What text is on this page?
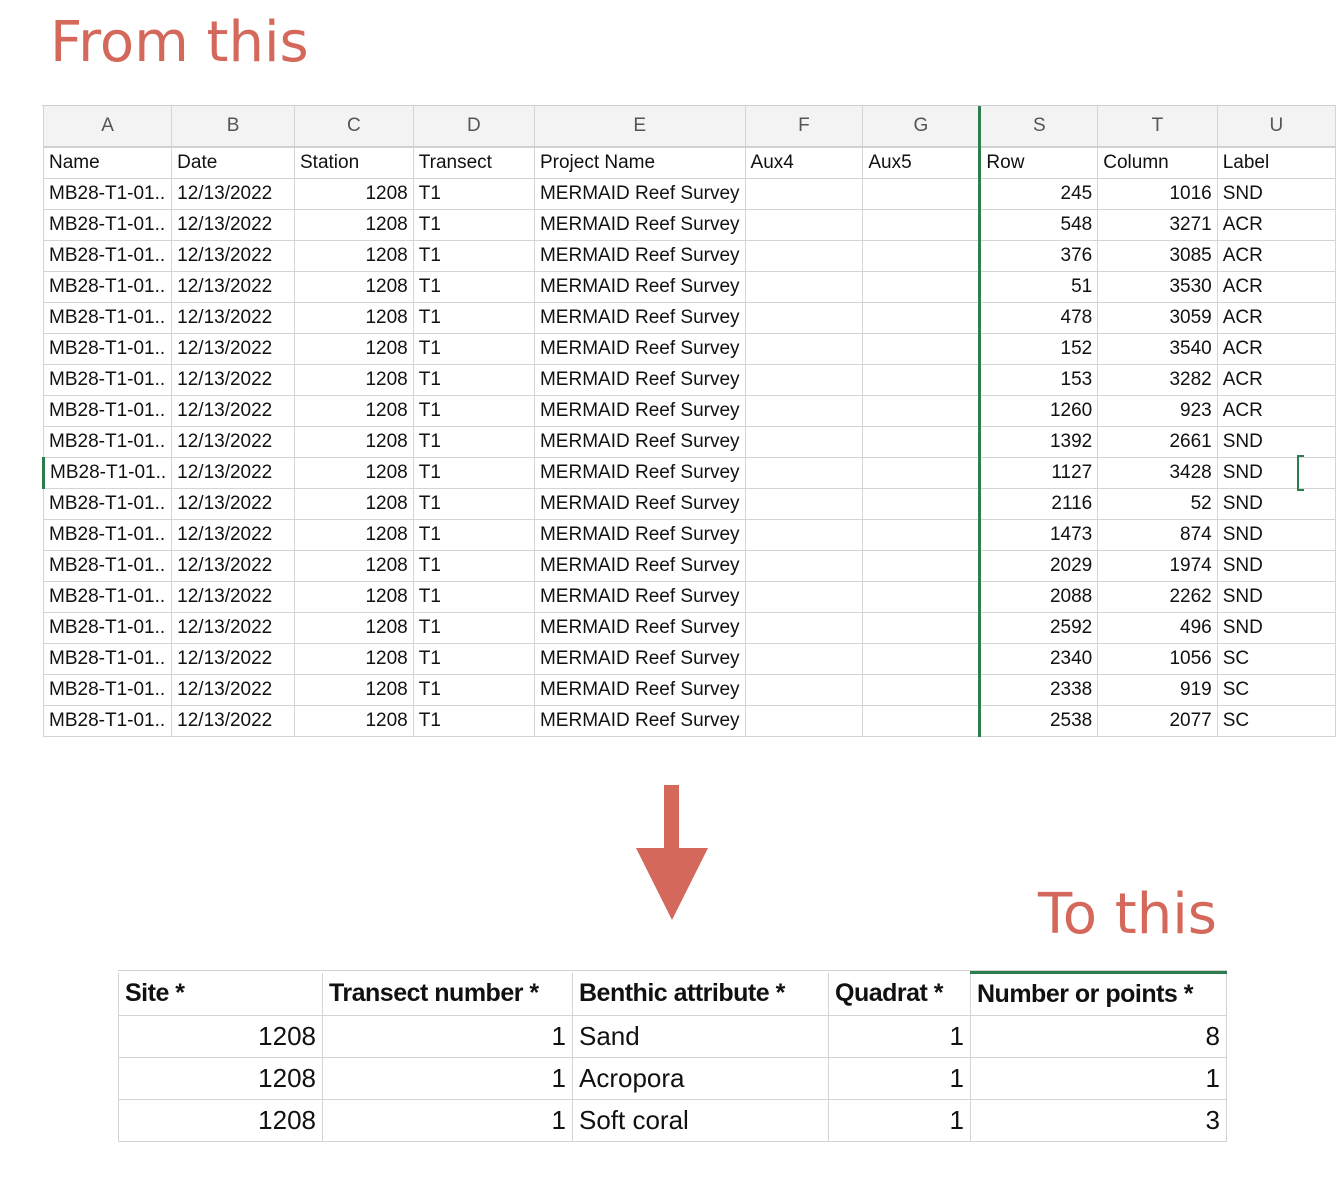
From this
A	B	C	D	E	F	G	S	T	U
Name	Date	Station	Transect	Project Name	Aux4	Aux5	Row	Column	Label
MB28-T1-01..	12/13/2022	1208	T1	MERMAID Reef Survey			245	1016	SND
MB28-T1-01..	12/13/2022	1208	T1	MERMAID Reef Survey			548	3271	ACR
MB28-T1-01..	12/13/2022	1208	T1	MERMAID Reef Survey			376	3085	ACR
MB28-T1-01..	12/13/2022	1208	T1	MERMAID Reef Survey			51	3530	ACR
MB28-T1-01..	12/13/2022	1208	T1	MERMAID Reef Survey			478	3059	ACR
MB28-T1-01..	12/13/2022	1208	T1	MERMAID Reef Survey			152	3540	ACR
MB28-T1-01..	12/13/2022	1208	T1	MERMAID Reef Survey			153	3282	ACR
MB28-T1-01..	12/13/2022	1208	T1	MERMAID Reef Survey			1260	923	ACR
MB28-T1-01..	12/13/2022	1208	T1	MERMAID Reef Survey			1392	2661	SND
MB28-T1-01..	12/13/2022	1208	T1	MERMAID Reef Survey			1127	3428	SND
MB28-T1-01..	12/13/2022	1208	T1	MERMAID Reef Survey			2116	52	SND
MB28-T1-01..	12/13/2022	1208	T1	MERMAID Reef Survey			1473	874	SND
MB28-T1-01..	12/13/2022	1208	T1	MERMAID Reef Survey			2029	1974	SND
MB28-T1-01..	12/13/2022	1208	T1	MERMAID Reef Survey			2088	2262	SND
MB28-T1-01..	12/13/2022	1208	T1	MERMAID Reef Survey			2592	496	SND
MB28-T1-01..	12/13/2022	1208	T1	MERMAID Reef Survey			2340	1056	SC
MB28-T1-01..	12/13/2022	1208	T1	MERMAID Reef Survey			2338	919	SC
MB28-T1-01..	12/13/2022	1208	T1	MERMAID Reef Survey			2538	2077	SC
To this
Site *	Transect number *	Benthic attribute *	Quadrat *	Number or points *
1208	1	Sand	1	8
1208	1	Acropora	1	1
1208	1	Soft coral	1	3
